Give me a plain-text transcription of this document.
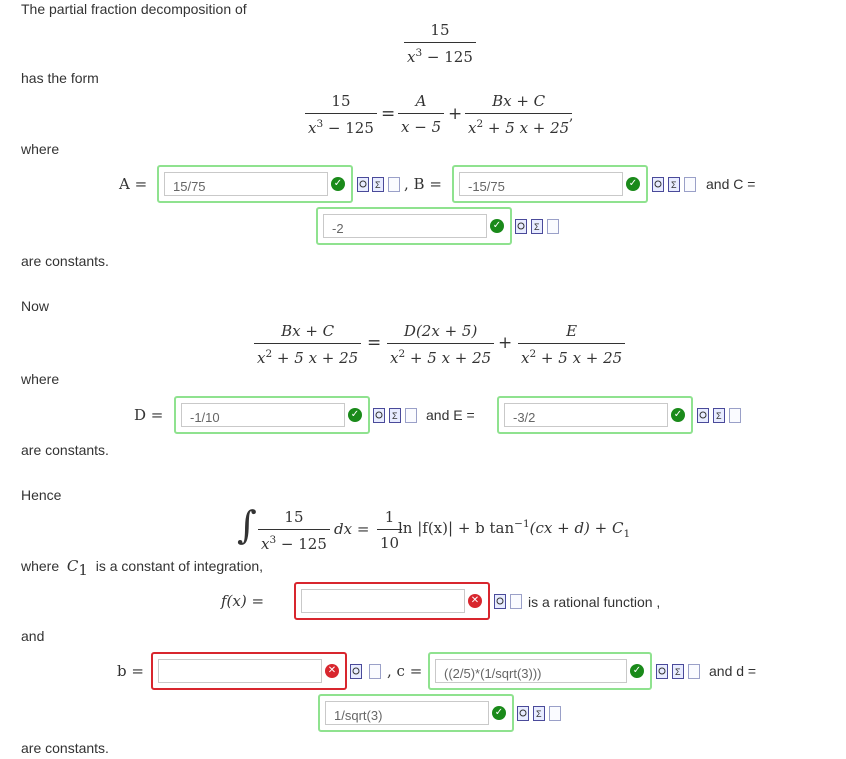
The partial fraction decomposition of
15
$x^3 - 125$
has the form
15
$x^3 - 125$
=
A
x − 5
+
Bx + C
$x^2 + 5$ x + 25
,
where
A =	15/75	✓	Σ , B =	-15/75	✓	Σ and C =
-2	✓	Σ
are constants.
Now
Bx + C
$x^2 + 5$ x + 25
=
D(2x + 5)
$x^2 + 5$ x + 25
+
E
$x^2 + 5$ x + 25
where
D =	-1/10	✓	Σ and E =	-3/2	✓	Σ
are constants.
Hence
∫ 15
$x^3 - 125$
dx =
1
10
ln |f(x)| + b $\tan^{-1}(cx + d) + C_1$
where $C_1$ is a constant of integration,
f(x) =	✕	is a rational function ,
and
b =	✕	, c =	((2/5)*(1/sqrt(3)))	✓	Σ and d =
1/sqrt(3)	✓	Σ
are constants.
